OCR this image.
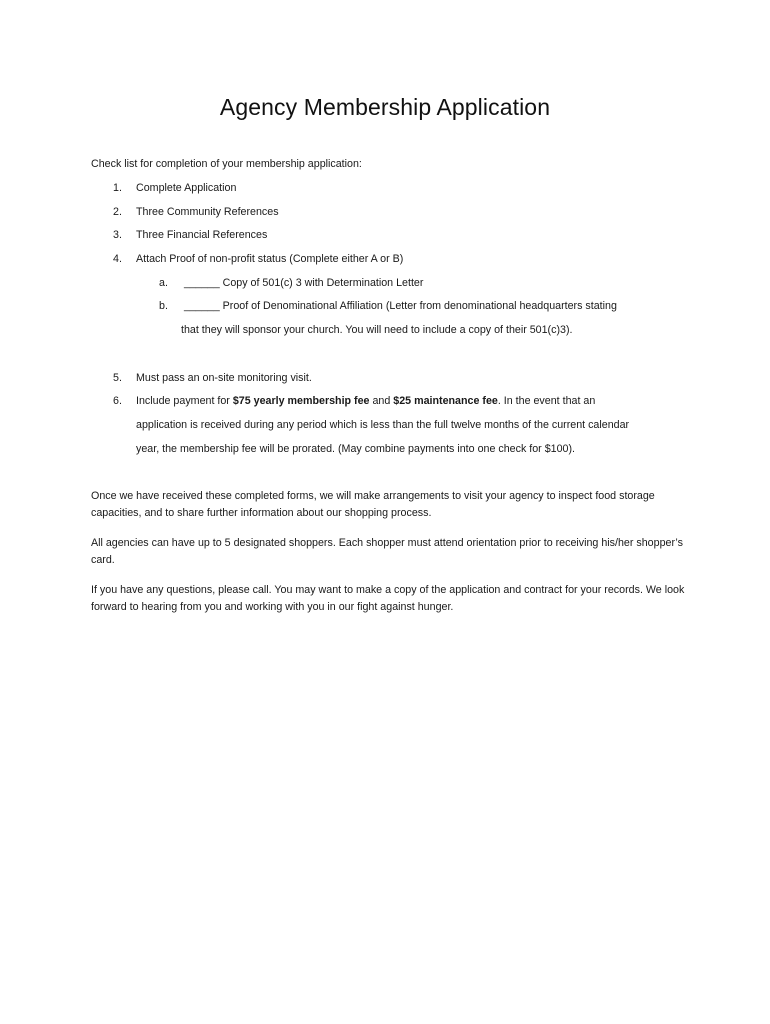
Agency Membership Application
Check list for completion of your membership application:
1. Complete Application
2. Three Community References
3. Three Financial References
4. Attach Proof of non-profit status (Complete either A or B)
a. ______ Copy of 501(c) 3 with Determination Letter
b. ______ Proof of Denominational Affiliation (Letter from denominational headquarters stating
that they will sponsor your church. You will need to include a copy of their 501(c)3).
5. Must pass an on-site monitoring visit.
6. Include payment for $75 yearly membership fee and $25 maintenance fee. In the event that an
application is received during any period which is less than the full twelve months of the current calendar
year, the membership fee will be prorated. (May combine payments into one check for $100).
Once we have received these completed forms, we will make arrangements to visit your agency to inspect food storage capacities, and to share further information about our shopping process.
All agencies can have up to 5 designated shoppers. Each shopper must attend orientation prior to receiving his/her shopper’s card.
If you have any questions, please call. You may want to make a copy of the application and contract for your records. We look forward to hearing from you and working with you in our fight against hunger.
